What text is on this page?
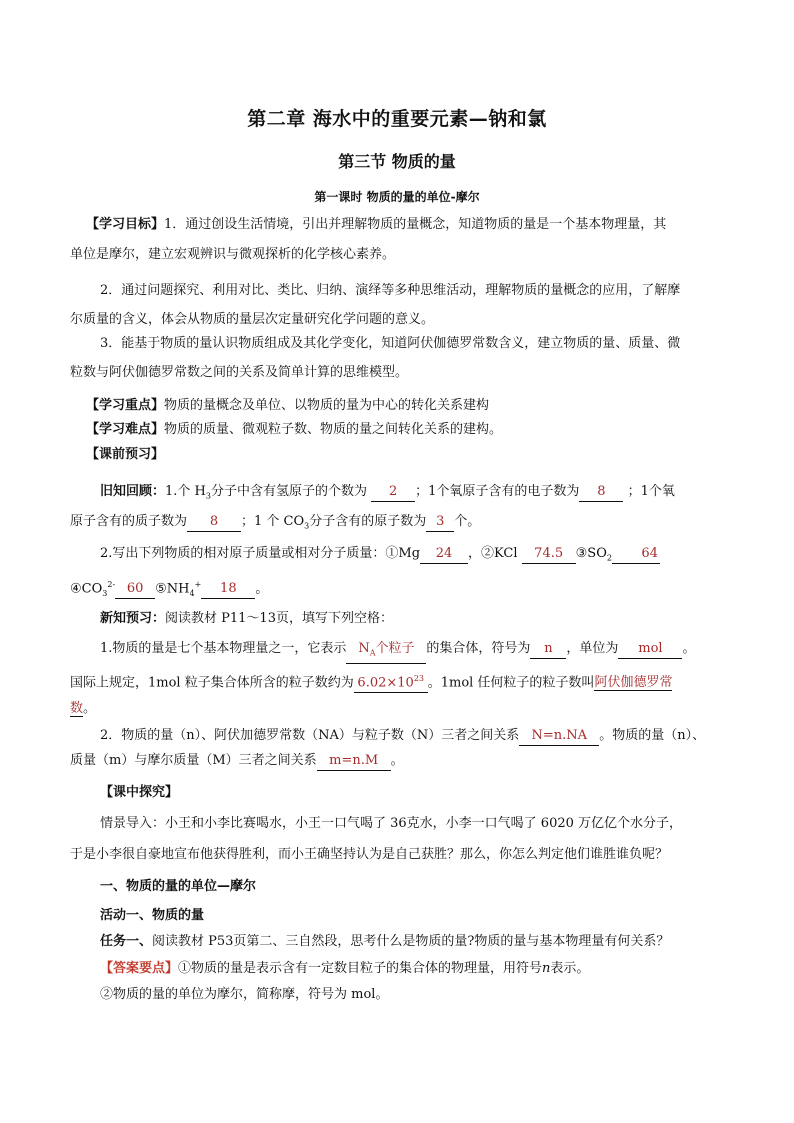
第二章 海水中的重要元素—钠和氯
第三节 物质的量
第一课时 物质的量的单位-摩尔
【学习目标】1．通过创设生活情境，引出并理解物质的量概念，知道物质的量是一个基本物理量，其
单位是摩尔，建立宏观辨识与微观探析的化学核心素养。
2．通过问题探究、利用对比、类比、归纳、演绎等多种思维活动，理解物质的量概念的应用，了解摩
尔质量的含义，体会从物质的量层次定量研究化学问题的意义。
3．能基于物质的量认识物质组成及其化学变化，知道阿伏伽德罗常数含义，建立物质的量、质量、微
粒数与阿伏伽德罗常数之间的关系及简单计算的思维模型。
【学习重点】物质的量概念及单位、以物质的量为中心的转化关系建构
【学习难点】物质的质量、微观粒子数、物质的量之间转化关系的建构。
【课前预习】
旧知回顾：1.个 $H_3$分子中含有氢原子的个数为 2 ；1个氧原子含有的电子数为 8 ；1个氧
原子含有的质子数为 8 ；1 个 $CO_3$分子含有的原子数为 3 个。
2.写出下列物质的相对原子质量或相对分子质量：①Mg 24 ，②KCl 74.5 $③SO_2$ 64
$④CO_3^{2-}$ 60 $⑤NH_4^+$ 18 。
新知预习：阅读教材 P11～13页，填写下列空格：
1.物质的量是七个基本物理量之一，它表示 $N_A$个粒子 的集合体，符号为 n ，单位为 mol 。
国际上规定，1mol 粒子集合体所含的粒子数约为 $6.02\times 10^{23}$ 。1mol 任何粒子的粒子数叫阿伏伽德罗常
数。
2．物质的量（n）、阿伏加德罗常数（NA）与粒子数（N）三者之间关系 N=n.NA 。物质的量（n）、
质量（m）与摩尔质量（M）三者之间关系 m=n.M 。
【课中探究】
情景导入：小王和小李比赛喝水，小王一口气喝了 36克水，小李一口气喝了 6020 万亿亿个水分子，
于是小李很自豪地宣布他获得胜利，而小王确坚持认为是自己获胜？那么，你怎么判定他们谁胜谁负呢？
一、物质的量的单位—摩尔
活动一、物质的量
任务一、阅读教材 P53页第二、三自然段，思考什么是物质的量?物质的量与基本物理量有何关系？
【答案要点】①物质的量是表示含有一定数目粒子的集合体的物理量，用符号n表示。
②物质的量的单位为摩尔，简称摩，符号为 mol。
